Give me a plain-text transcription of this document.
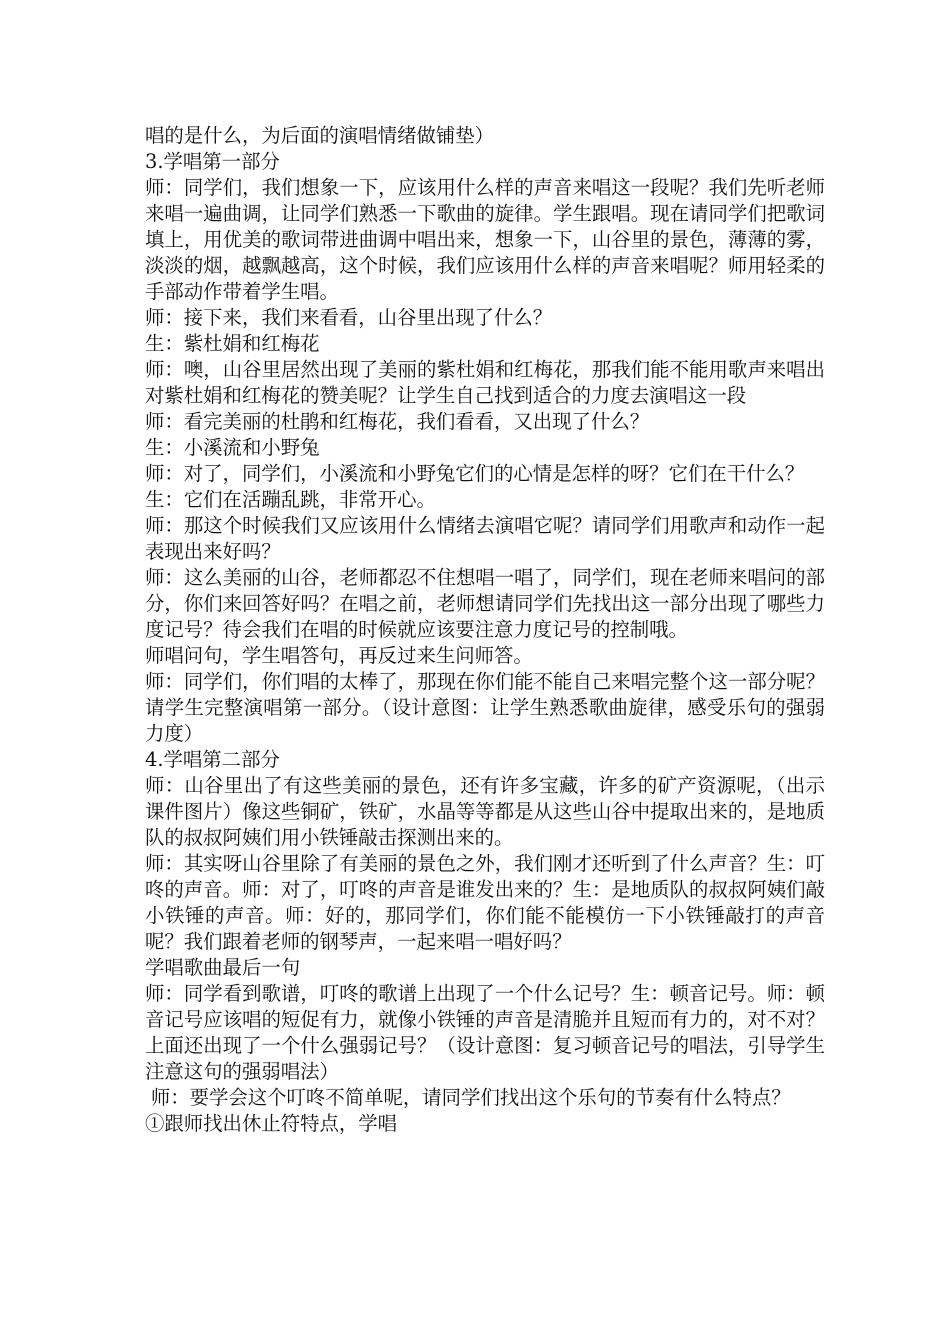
唱的是什么，为后面的演唱情绪做铺垫）

3.学唱第一部分

师：同学们，我们想象一下，应该用什么样的声音来唱这一段呢？我们先听老师来唱一遍曲调，让同学们熟悉一下歌曲的旋律。学生跟唱。现在请同学们把歌词填上，用优美的歌词带进曲调中唱出来，想象一下，山谷里的景色，薄薄的雾，淡淡的烟，越飘越高，这个时候，我们应该用什么样的声音来唱呢？师用轻柔的手部动作带着学生唱。

师：接下来，我们来看看，山谷里出现了什么？

生：紫杜娟和红梅花

师：噢，山谷里居然出现了美丽的紫杜娟和红梅花，那我们能不能用歌声来唱出对紫杜娟和红梅花的赞美呢？让学生自己找到适合的力度去演唱这一段

师：看完美丽的杜鹃和红梅花，我们看看，又出现了什么？

生：小溪流和小野兔

师：对了，同学们，小溪流和小野兔它们的心情是怎样的呀？它们在干什么？

生：它们在活蹦乱跳，非常开心。

师：那这个时候我们又应该用什么情绪去演唱它呢？请同学们用歌声和动作一起表现出来好吗？

师：这么美丽的山谷，老师都忍不住想唱一唱了，同学们，现在老师来唱问的部分，你们来回答好吗？在唱之前，老师想请同学们先找出这一部分出现了哪些力度记号？待会我们在唱的时候就应该要注意力度记号的控制哦。

师唱问句，学生唱答句，再反过来生问师答。

师：同学们，你们唱的太棒了，那现在你们能不能自己来唱完整个这一部分呢？请学生完整演唱第一部分。（设计意图：让学生熟悉歌曲旋律，感受乐句的强弱力度）

4.学唱第二部分

师：山谷里出了有这些美丽的景色，还有许多宝藏，许多的矿产资源呢，（出示课件图片）像这些铜矿，铁矿，水晶等等都是从这些山谷中提取出来的，是地质队的叔叔阿姨们用小铁锤敲击探测出来的。

师：其实呀山谷里除了有美丽的景色之外，我们刚才还听到了什么声音？生：叮咚的声音。师：对了，叮咚的声音是谁发出来的？生：是地质队的叔叔阿姨们敲小铁锤的声音。师：好的，那同学们，你们能不能模仿一下小铁锤敲打的声音呢？我们跟着老师的钢琴声，一起来唱一唱好吗？

学唱歌曲最后一句

师：同学看到歌谱，叮咚的歌谱上出现了一个什么记号？生：顿音记号。师：顿音记号应该唱的短促有力，就像小铁锤的声音是清脆并且短而有力的，对不对？上面还出现了一个什么强弱记号？（设计意图：复习顿音记号的唱法，引导学生注意这句的强弱唱法）

师：要学会这个叮咚不简单呢，请同学们找出这个乐句的节奏有什么特点？

①跟师找出休止符特点，学唱
